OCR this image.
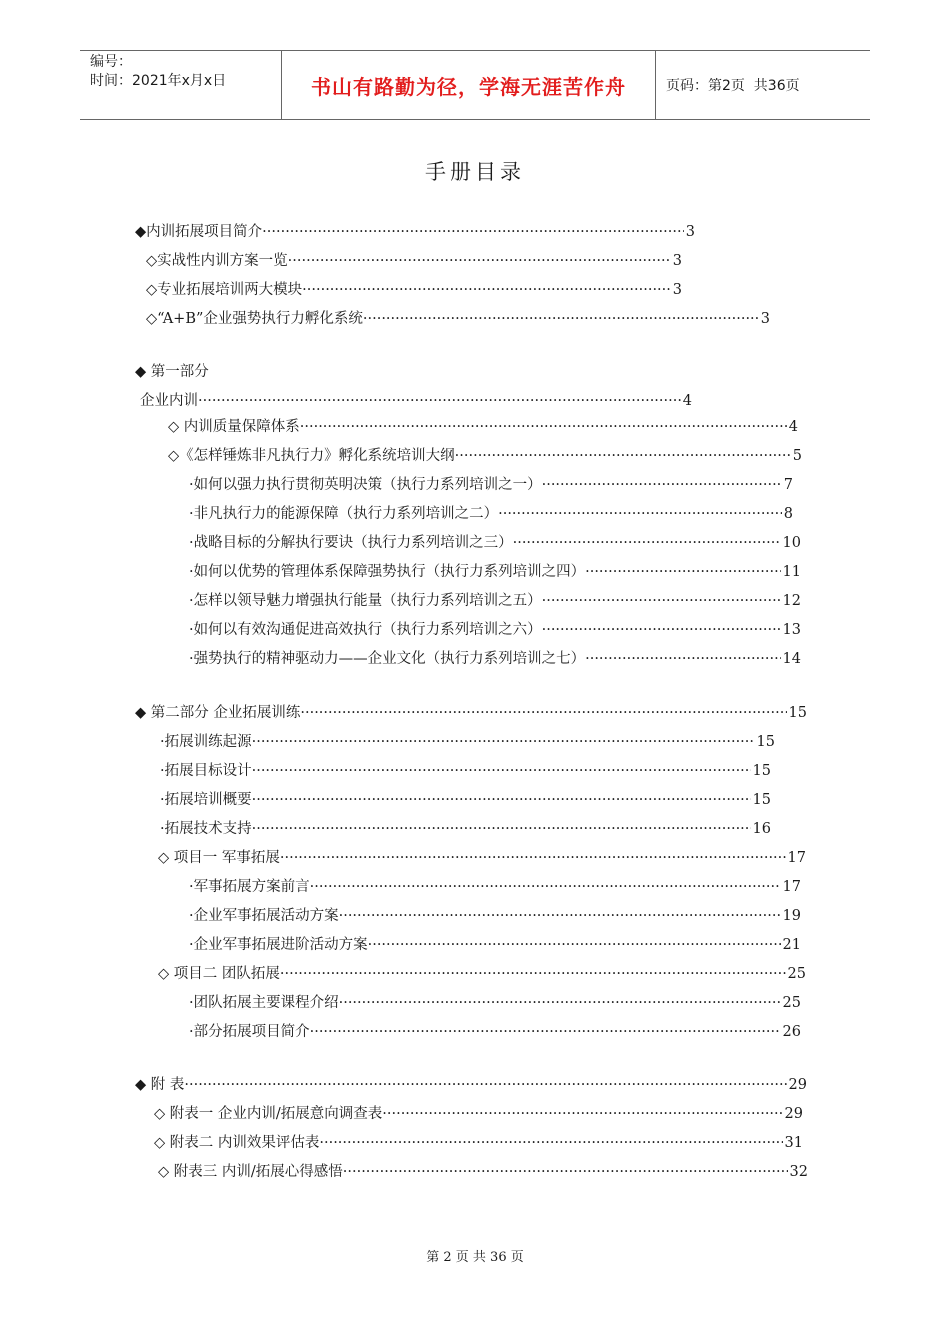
编号：
时间：2021年x月x日	书山有路勤为径，学海无涯苦作舟	页码：第2页  共36页
手册目录
◆内训拓展项目简介 ·····	3
◇实战性内训方案一览 ·····	3
◇专业拓展培训两大模块 ·····	3
◇“A+B”企业强势执行力孵化系统 ·····	3
◆ 第一部分
企业内训 ·····	4
◇ 内训质量保障体系 ·····	4
◇《怎样锤炼非凡执行力》孵化系统培训大纲 ·····	5
·如何以强力执行贯彻英明决策（执行力系列培训之一） ·····	7
·非凡执行力的能源保障（执行力系列培训之二） ·····	8
·战略目标的分解执行要诀（执行力系列培训之三） ·····	10
·如何以优势的管理体系保障强势执行（执行力系列培训之四） ·····	11
·怎样以领导魅力增强执行能量（执行力系列培训之五） ·····	12
·如何以有效沟通促进高效执行（执行力系列培训之六） ·····	13
·强势执行的精神驱动力——企业文化（执行力系列培训之七） ·····	14
◆ 第二部分 企业拓展训练 ·····	15
·拓展训练起源 ·····	15
·拓展目标设计 ·····	15
·拓展培训概要 ·····	15
·拓展技术支持 ·····	16
◇ 项目一 军事拓展 ·····	17
·军事拓展方案前言 ·····	17
·企业军事拓展活动方案 ·····	19
·企业军事拓展进阶活动方案 ·····	21
◇ 项目二 团队拓展 ·····	25
·团队拓展主要课程介绍 ·····	25
·部分拓展项目简介 ·····	26
◆ 附 表 ·····	29
◇ 附表一 企业内训/拓展意向调查表 ·····	29
◇ 附表二 内训效果评估表 ·····	31
◇ 附表三 内训/拓展心得感悟 ·····	32
第 2 页 共 36 页
